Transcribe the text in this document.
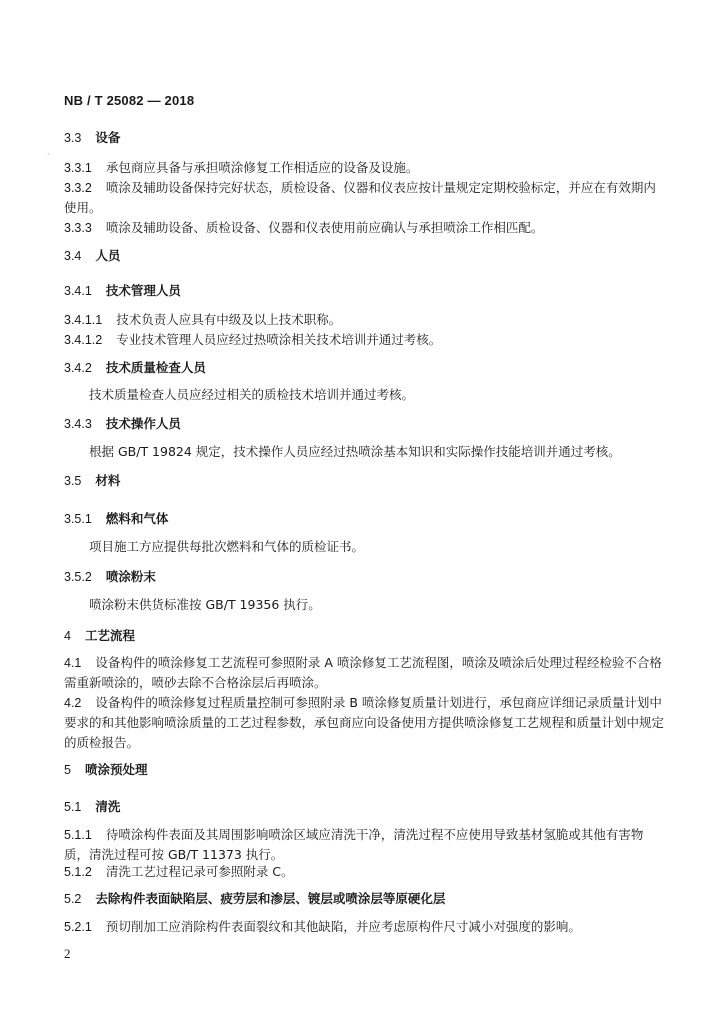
NB / T 25082 — 2018
·
3.3 设备
3.3.1 承包商应具备与承担喷涂修复工作相适应的设备及设施。
3.3.2 喷涂及辅助设备保持完好状态，质检设备、仪器和仪表应按计量规定定期校验标定，并应在有效期内使用。
3.3.3 喷涂及辅助设备、质检设备、仪器和仪表使用前应确认与承担喷涂工作相匹配。
3.4 人员
3.4.1 技术管理人员
3.4.1.1 技术负责人应具有中级及以上技术职称。
3.4.1.2 专业技术管理人员应经过热喷涂相关技术培训并通过考核。
3.4.2 技术质量检查人员
技术质量检查人员应经过相关的质检技术培训并通过考核。
3.4.3 技术操作人员
根据 GB/T 19824 规定，技术操作人员应经过热喷涂基本知识和实际操作技能培训并通过考核。
3.5 材料
3.5.1 燃料和气体
项目施工方应提供每批次燃料和气体的质检证书。
3.5.2 喷涂粉末
喷涂粉末供货标准按 GB/T 19356 执行。
4 工艺流程
4.1 设备构件的喷涂修复工艺流程可参照附录 A 喷涂修复工艺流程图，喷涂及喷涂后处理过程经检验不合格需重新喷涂的，喷砂去除不合格涂层后再喷涂。
4.2 设备构件的喷涂修复过程质量控制可参照附录 B 喷涂修复质量计划进行，承包商应详细记录质量计划中要求的和其他影响喷涂质量的工艺过程参数，承包商应向设备使用方提供喷涂修复工艺规程和质量计划中规定的质检报告。
5 喷涂预处理
5.1 清洗
5.1.1 待喷涂构件表面及其周围影响喷涂区域应清洗干净，清洗过程不应使用导致基材氢脆或其他有害物质，清洗过程可按 GB/T 11373 执行。
5.1.2 清洗工艺过程记录可参照附录 C。
5.2 去除构件表面缺陷层、疲劳层和渗层、镀层或喷涂层等原硬化层
5.2.1 预切削加工应消除构件表面裂纹和其他缺陷，并应考虑原构件尺寸减小对强度的影响。
2
